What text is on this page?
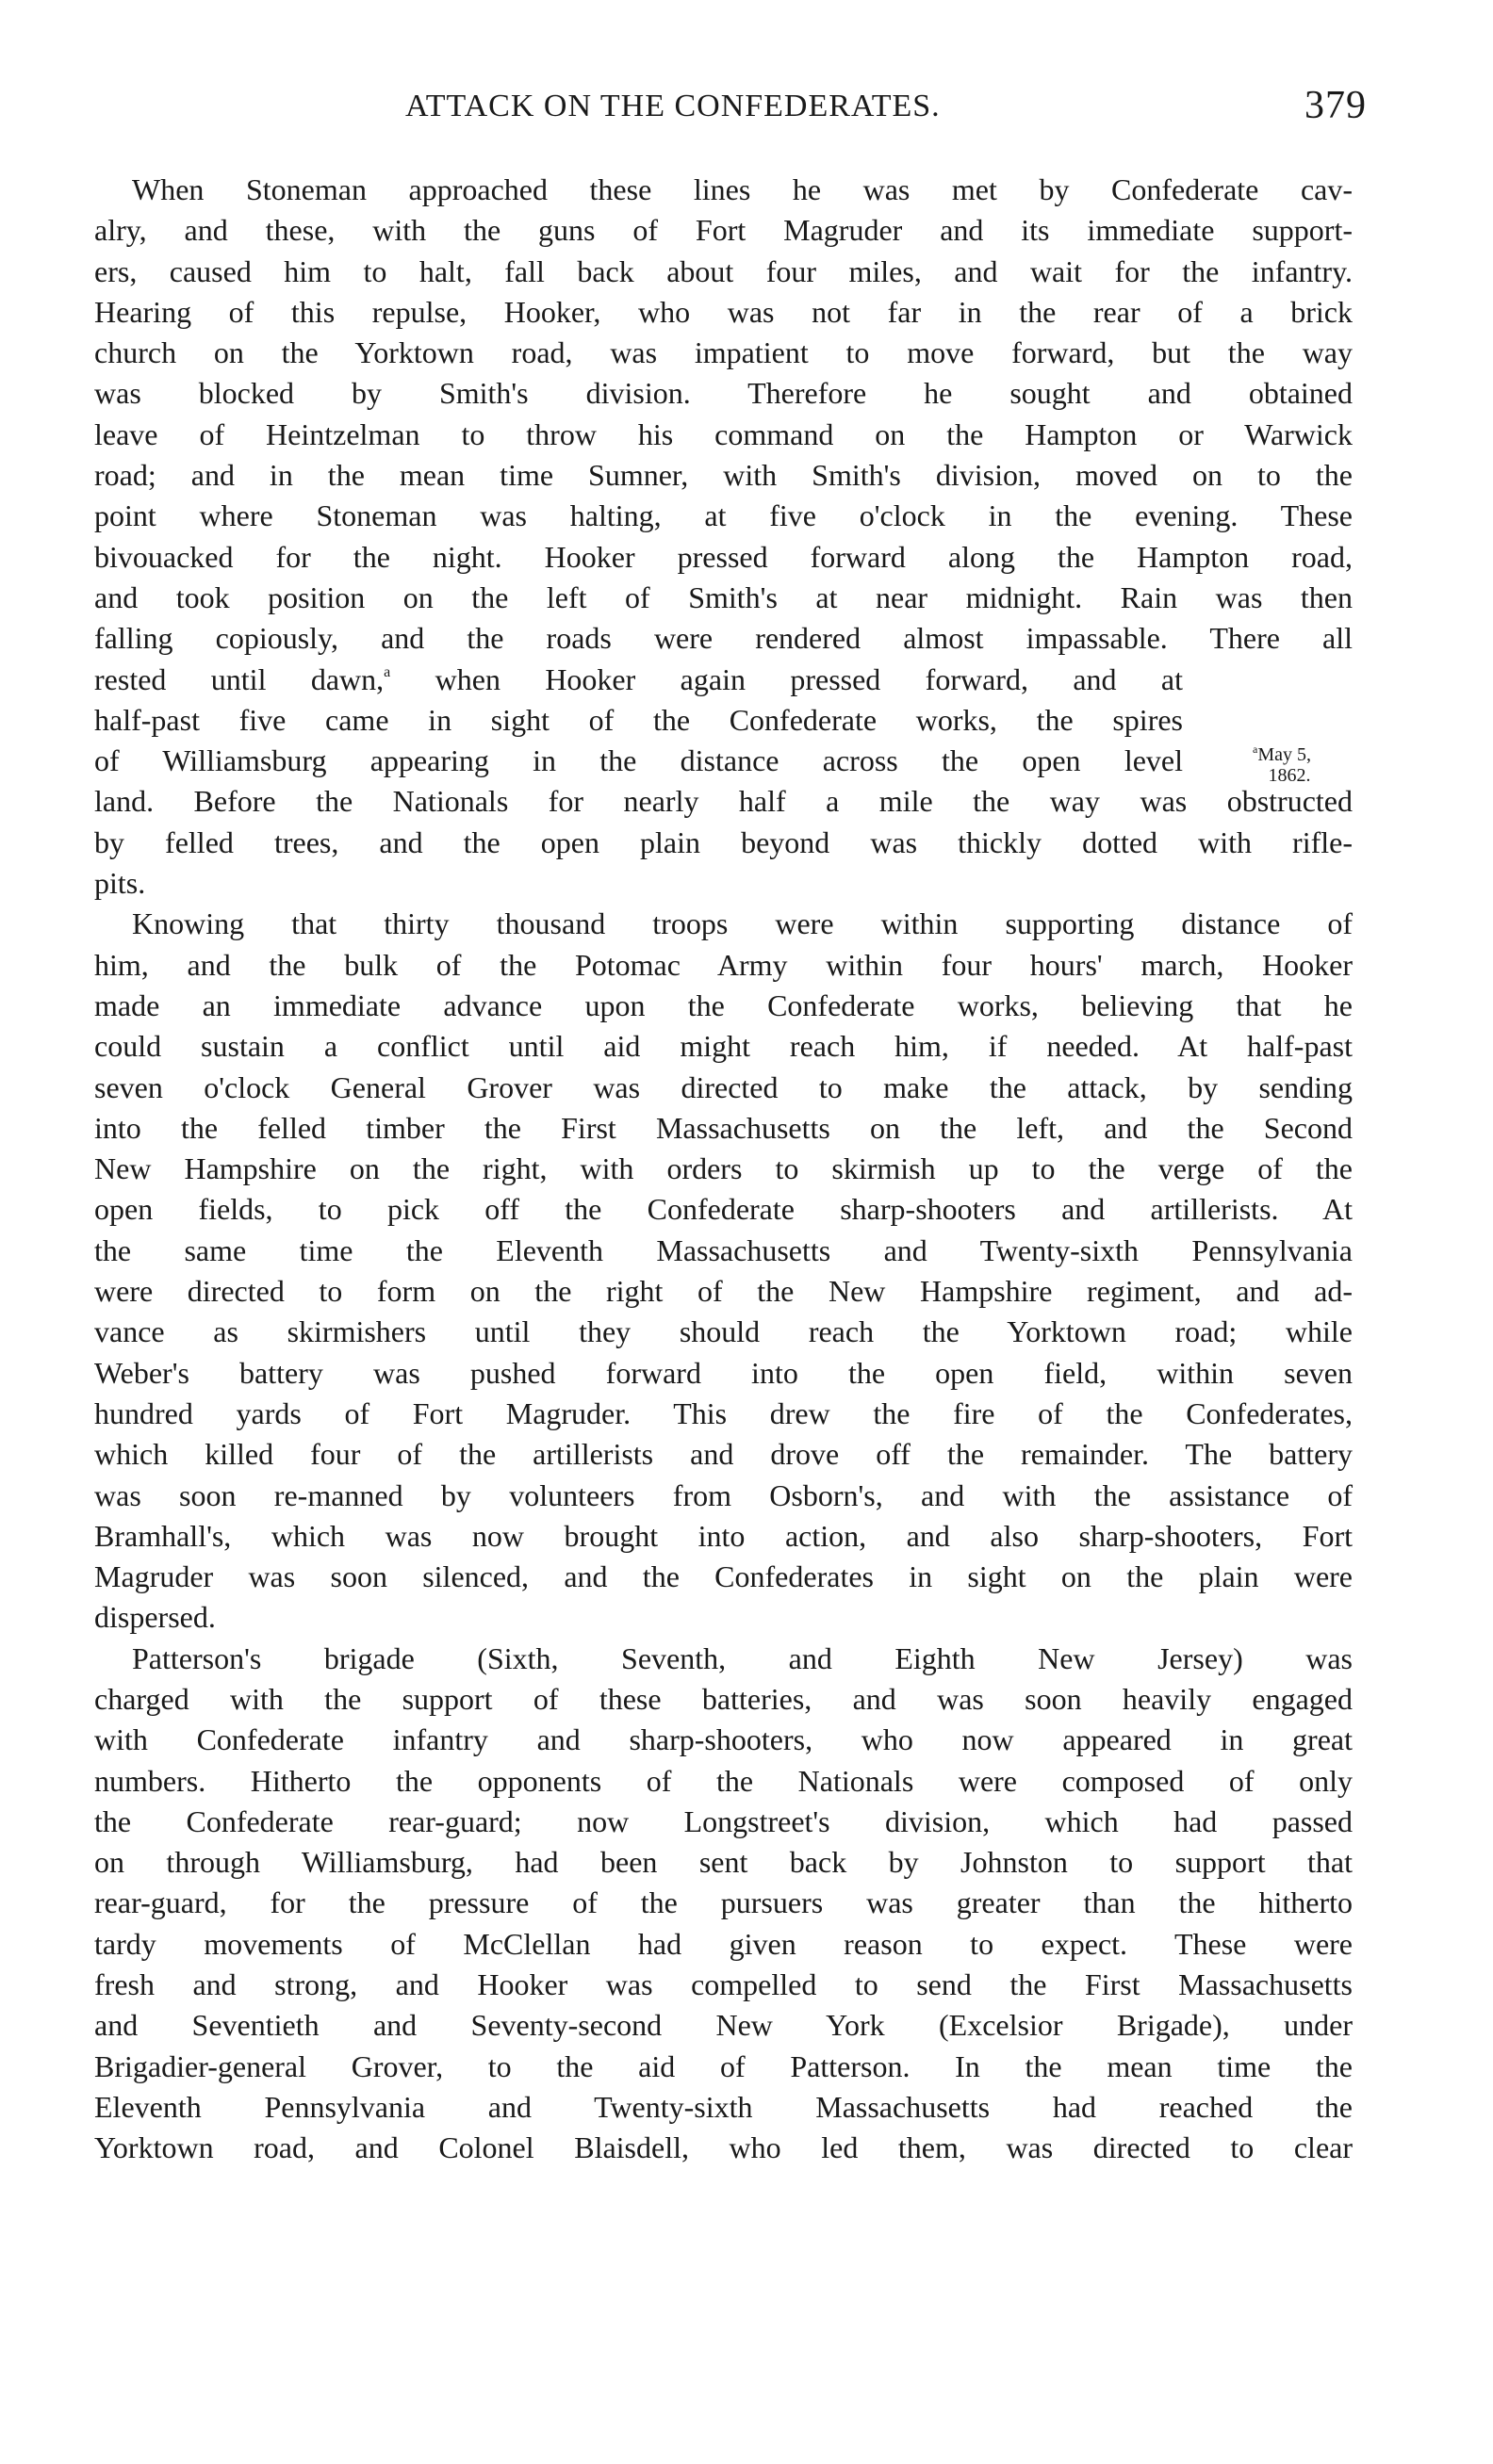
ATTACK ON THE CONFEDERATES.	379
When Stoneman approached these lines he was met by Confederate cav-
alry, and these, with the guns of Fort Magruder and its immediate support-
ers, caused him to halt, fall back about four miles, and wait for the infantry.
Hearing of this repulse, Hooker, who was not far in the rear of a brick
church on the Yorktown road, was impatient to move forward, but the way
was blocked by Smith's division. Therefore he sought and obtained
leave of Heintzelman to throw his command on the Hampton or Warwick
road; and in the mean time Sumner, with Smith's division, moved on to the
point where Stoneman was halting, at five o'clock in the evening. These
bivouacked for the night. Hooker pressed forward along the Hampton road,
and took position on the left of Smith's at near midnight. Rain was then
falling copiously, and the roads were rendered almost impassable. There all
rested until dawn,$^a$ when Hooker again pressed forward, and at
half-past five came in sight of the Confederate works, the spires
of Williamsburg appearing in the distance across the open level
land. Before the Nationals for nearly half a mile the way was obstructed
by felled trees, and the open plain beyond was thickly dotted with rifle-
pits.
Knowing that thirty thousand troops were within supporting distance of
him, and the bulk of the Potomac Army within four hours' march, Hooker
made an immediate advance upon the Confederate works, believing that he
could sustain a conflict until aid might reach him, if needed. At half-past
seven o'clock General Grover was directed to make the attack, by sending
into the felled timber the First Massachusetts on the left, and the Second
New Hampshire on the right, with orders to skirmish up to the verge of the
open fields, to pick off the Confederate sharp-shooters and artillerists. At
the same time the Eleventh Massachusetts and Twenty-sixth Pennsylvania
were directed to form on the right of the New Hampshire regiment, and ad-
vance as skirmishers until they should reach the Yorktown road; while
Weber's battery was pushed forward into the open field, within seven
hundred yards of Fort Magruder. This drew the fire of the Confederates,
which killed four of the artillerists and drove off the remainder. The battery
was soon re-manned by volunteers from Osborn's, and with the assistance of
Bramhall's, which was now brought into action, and also sharp-shooters, Fort
Magruder was soon silenced, and the Confederates in sight on the plain were
dispersed.
Patterson's brigade (Sixth, Seventh, and Eighth New Jersey) was
charged with the support of these batteries, and was soon heavily engaged
with Confederate infantry and sharp-shooters, who now appeared in great
numbers. Hitherto the opponents of the Nationals were composed of only
the Confederate rear-guard; now Longstreet's division, which had passed
on through Williamsburg, had been sent back by Johnston to support that
rear-guard, for the pressure of the pursuers was greater than the hitherto
tardy movements of McClellan had given reason to expect. These were
fresh and strong, and Hooker was compelled to send the First Massachusetts
and Seventieth and Seventy-second New York (Excelsior Brigade), under
Brigadier-general Grover, to the aid of Patterson. In the mean time the
Eleventh Pennsylvania and Twenty-sixth Massachusetts had reached the
Yorktown road, and Colonel Blaisdell, who led them, was directed to clear
$^a$May 5,
1862.
